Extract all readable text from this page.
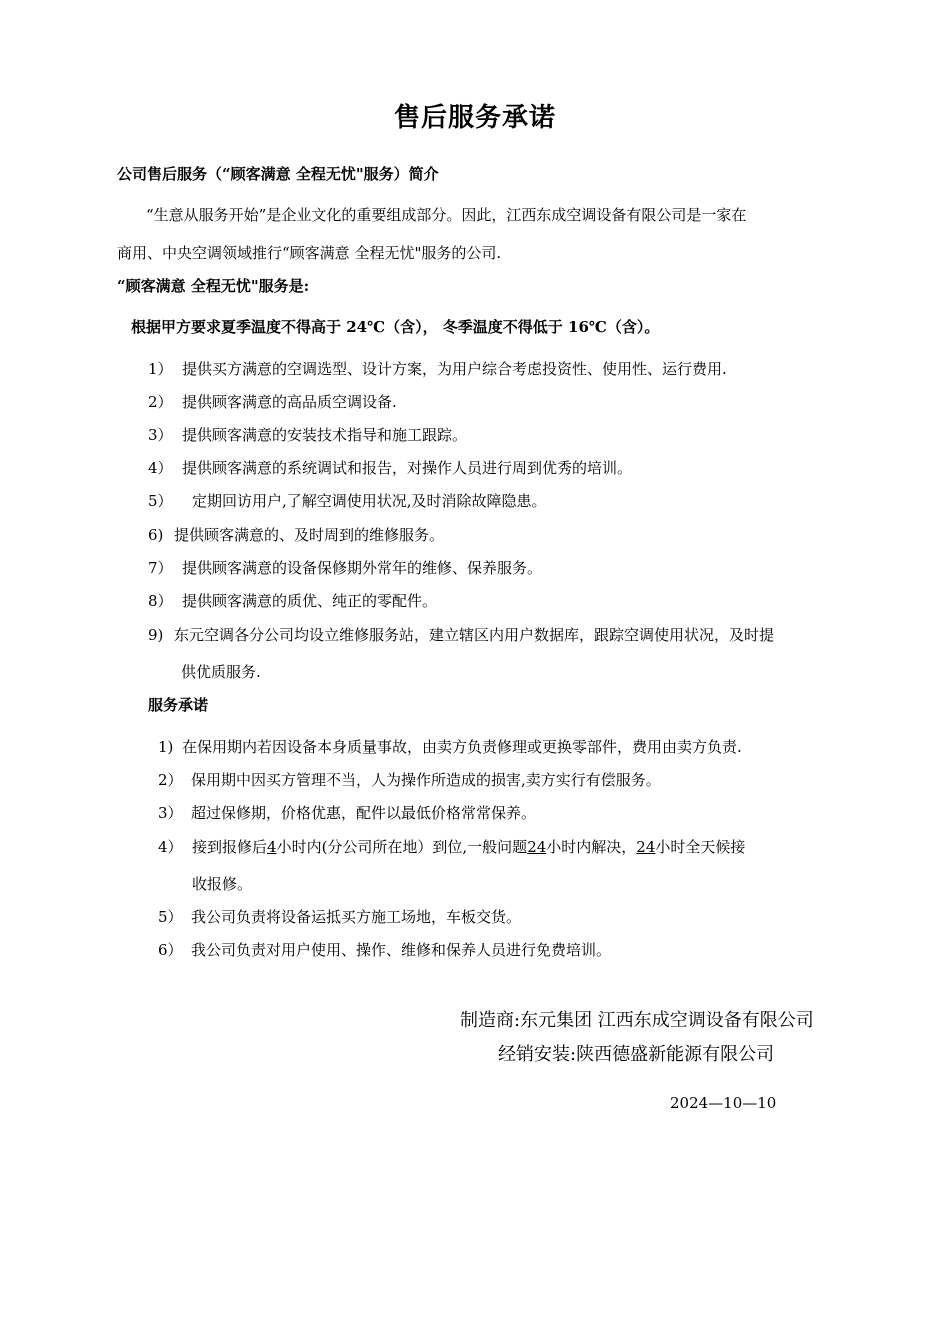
售后服务承诺
公司售后服务（“顾客满意 全程无忧"服务）简介
“生意从服务开始”是企业文化的重要组成部分。因此，江西东成空调设备有限公司是一家在
商用、中央空调领域推行“顾客满意 全程无忧"服务的公司.
“顾客满意 全程无忧"服务是:
根据甲方要求夏季温度不得高于 24℃（含）， 冬季温度不得低于 16℃（含）。
1） 提供买方满意的空调选型、设计方案，为用户综合考虑投资性、使用性、运行费用.
2） 提供顾客满意的高品质空调设备.
3） 提供顾客满意的安装技术指导和施工跟踪。
4） 提供顾客满意的系统调试和报告，对操作人员进行周到优秀的培训。
5） 定期回访用户,了解空调使用状况,及时消除故障隐患。
6) 提供顾客满意的、及时周到的维修服务。
7） 提供顾客满意的设备保修期外常年的维修、保养服务。
8） 提供顾客满意的质优、纯正的零配件。
9) 东元空调各分公司均设立维修服务站，建立辖区内用户数据库，跟踪空调使用状况，及时提
供优质服务.
服务承诺
1) 在保用期内若因设备本身质量事故，由卖方负责修理或更换零部件，费用由卖方负责.
2） 保用期中因买方管理不当，人为操作所造成的损害,卖方实行有偿服务。
3） 超过保修期，价格优惠，配件以最低价格常常保养。
4） 接到报修后4小时内(分公司所在地）到位,一般问题24小时内解决，24小时全天候接
收报修。
5） 我公司负责将设备运抵买方施工场地，车板交货。
6） 我公司负责对用户使用、操作、维修和保养人员进行免费培训。
制造商:东元集团 江西东成空调设备有限公司
经销安装:陕西德盛新能源有限公司
2024—10—10
